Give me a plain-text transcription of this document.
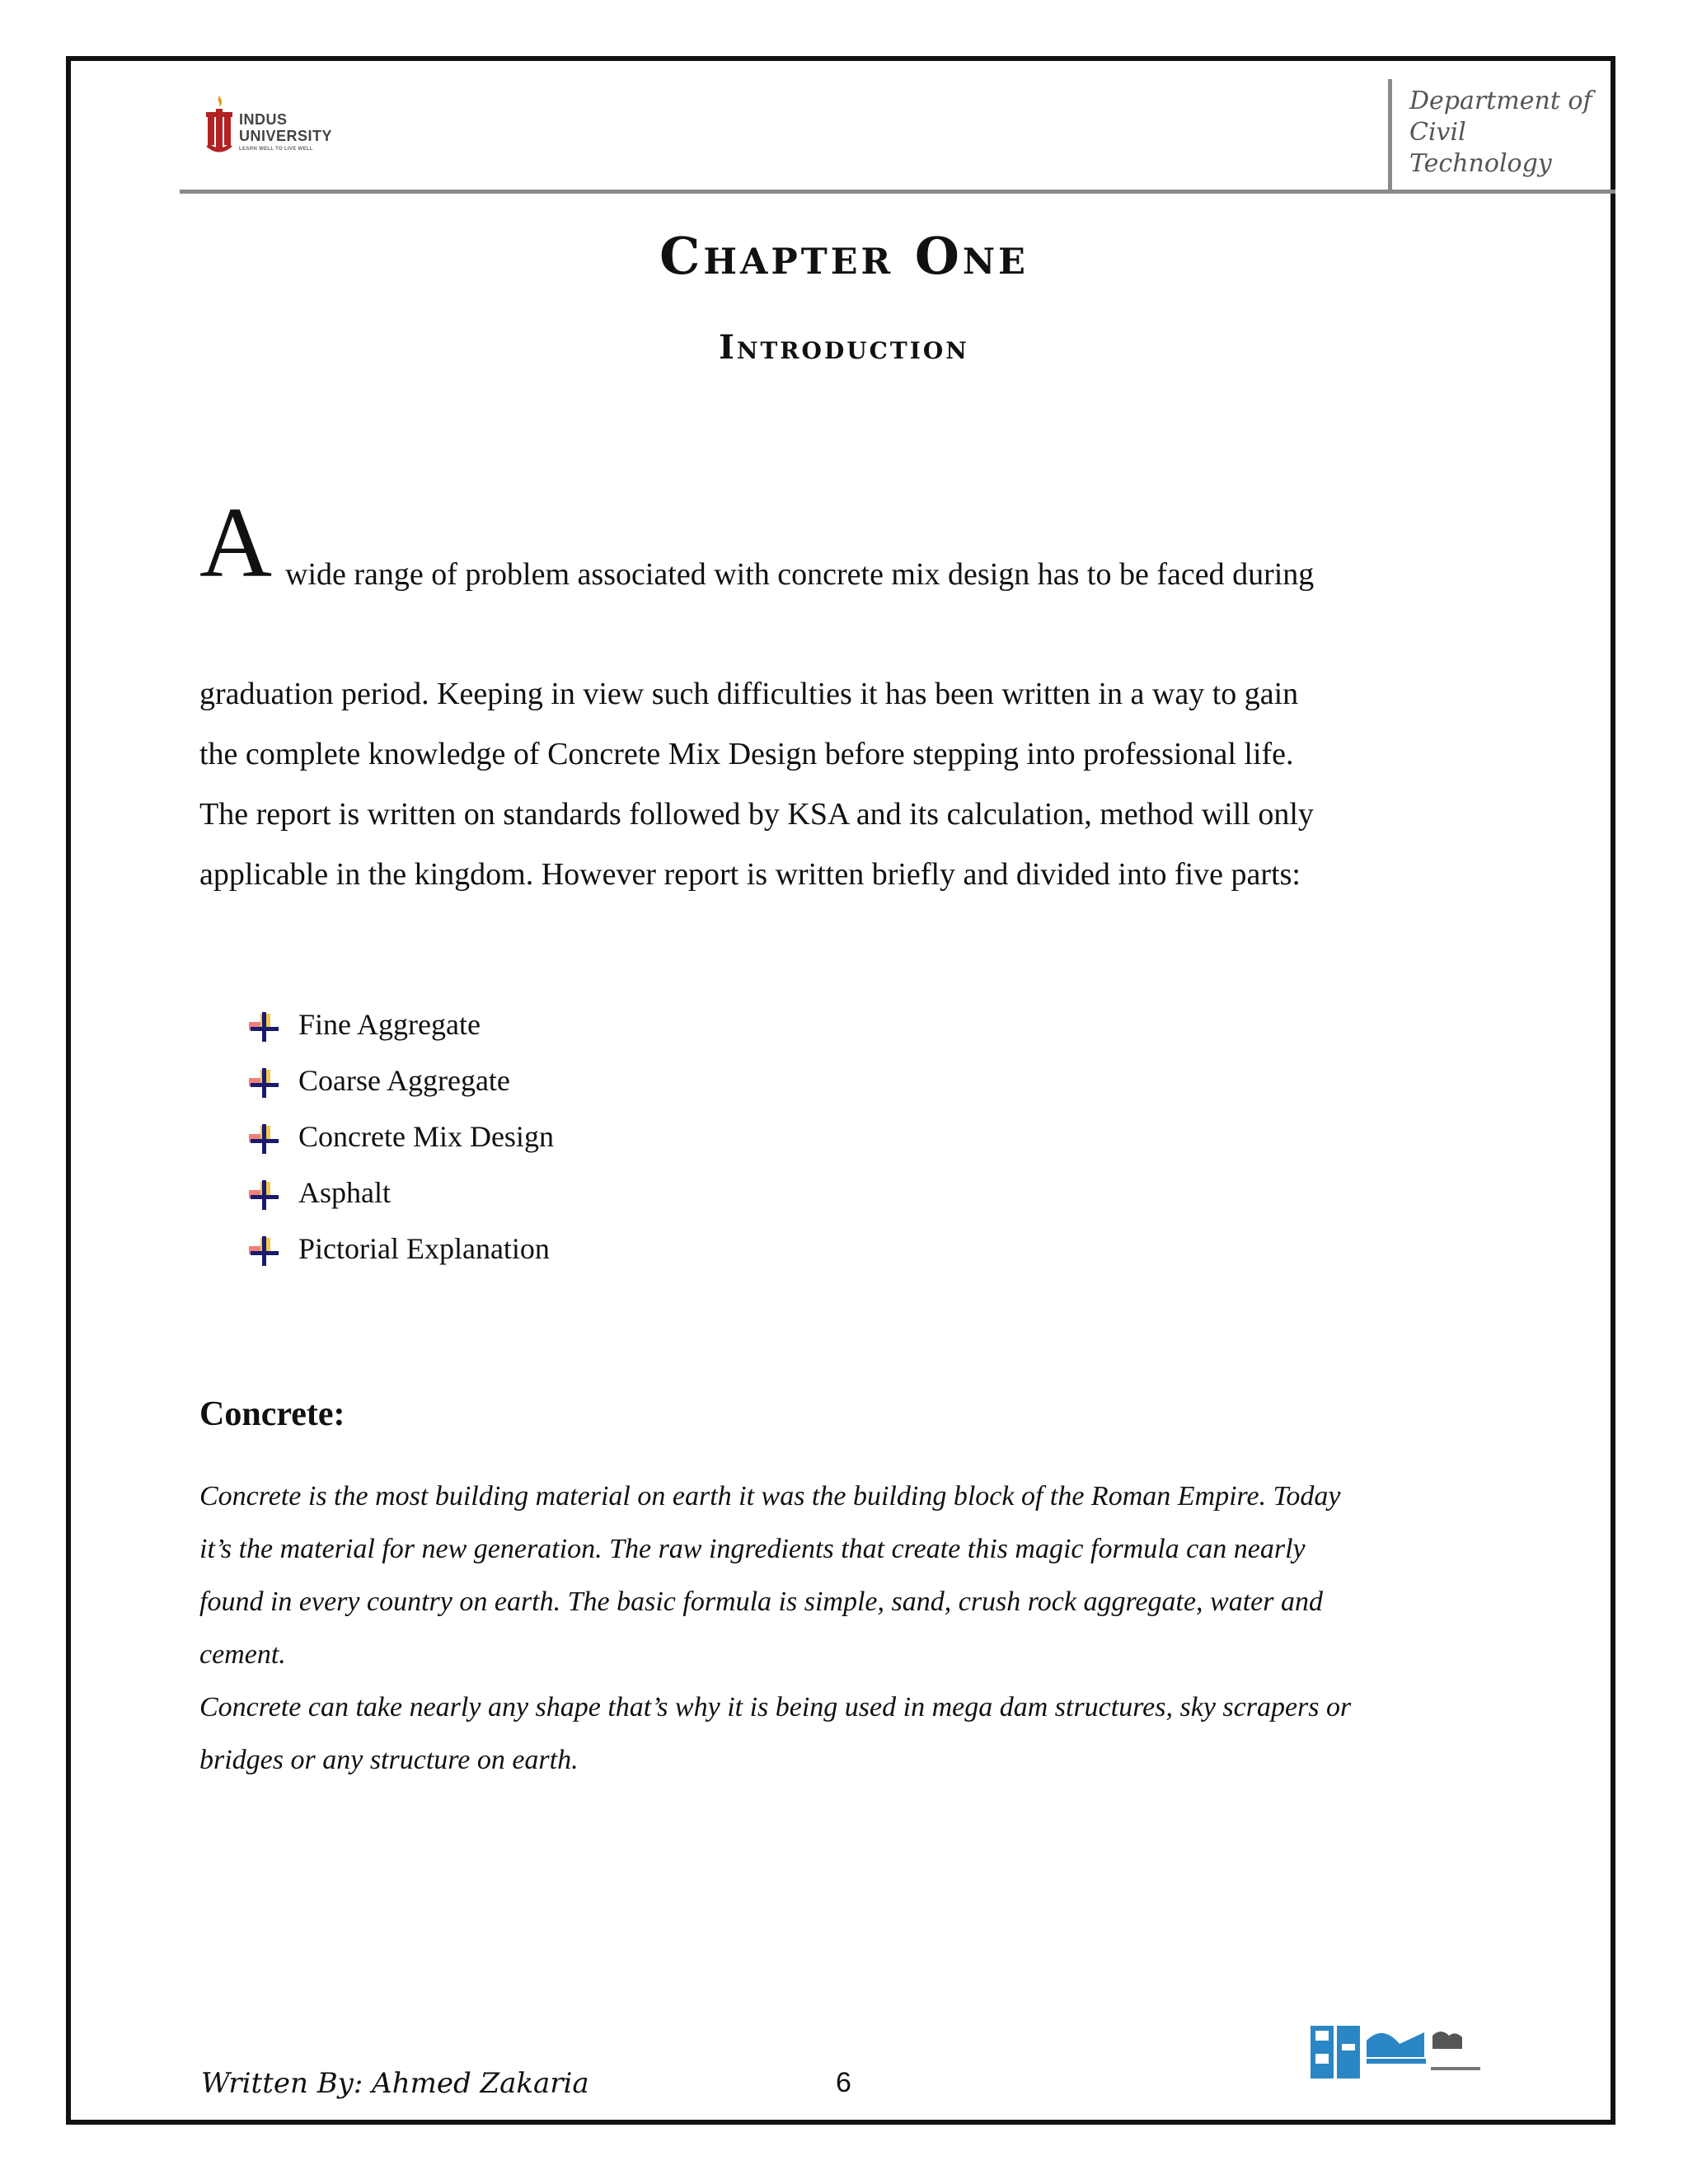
INDUS
UNIVERSITY
LEARN WELL TO LIVE WELL
Department of
Civil
Technology
Chapter One
Introduction
A wide range of problem associated with concrete mix design has to be faced during
graduation period. Keeping in view such difficulties it has been written in a way to gain
the complete knowledge of Concrete Mix Design before stepping into professional life.
The report is written on standards followed by KSA and its calculation, method will only
applicable in the kingdom. However report is written briefly and divided into five parts:
Fine Aggregate
Coarse Aggregate
Concrete Mix Design
Asphalt
Pictorial Explanation
Concrete:
Concrete is the most building material on earth it was the building block of the Roman Empire. Today
it’s the material for new generation. The raw ingredients that create this magic formula can nearly
found in every country on earth. The basic formula is simple, sand, crush rock aggregate, water and
cement.
Concrete can take nearly any shape that’s why it is being used in mega dam structures, sky scrapers or
bridges or any structure on earth.
Written By: Ahmed Zakaria	6
